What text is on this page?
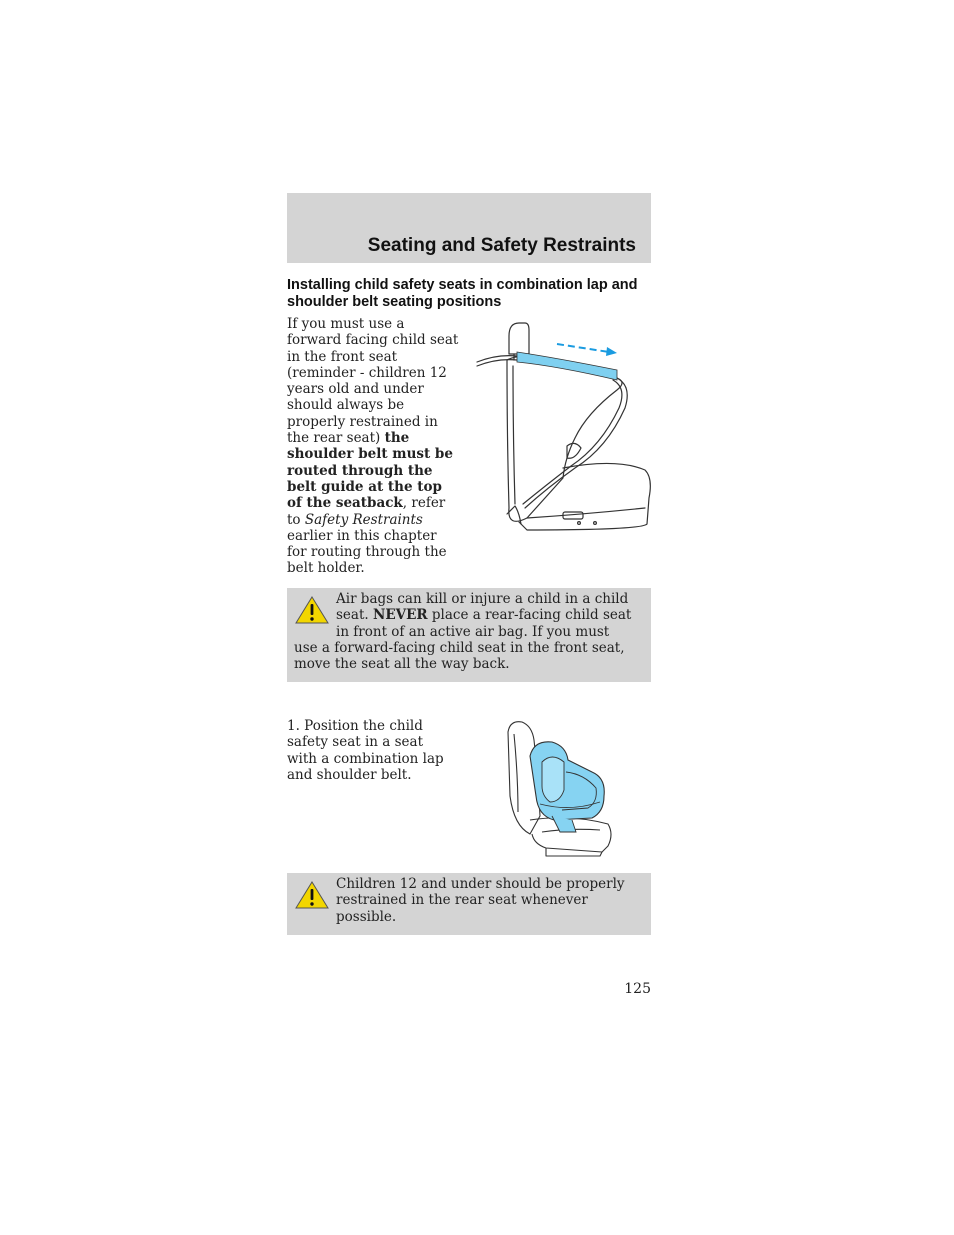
Seating and Safety Restraints
Installing child safety seats in combination lap and shoulder belt seating positions
If you must use a forward facing child seat in the front seat (reminder - children 12 years old and under should always be properly restrained in the rear seat) the shoulder belt must be routed through the belt guide at the top of the seatback, refer to Safety Restraints earlier in this chapter for routing through the belt holder.
Air bags can kill or injure a child in a child seat. NEVER place a rear-facing child seat in front of an active air bag. If you must use a forward-facing child seat in the front seat, move the seat all the way back.
1. Position the child safety seat in a seat with a combination lap and shoulder belt.
Children 12 and under should be properly restrained in the rear seat whenever possible.
125
